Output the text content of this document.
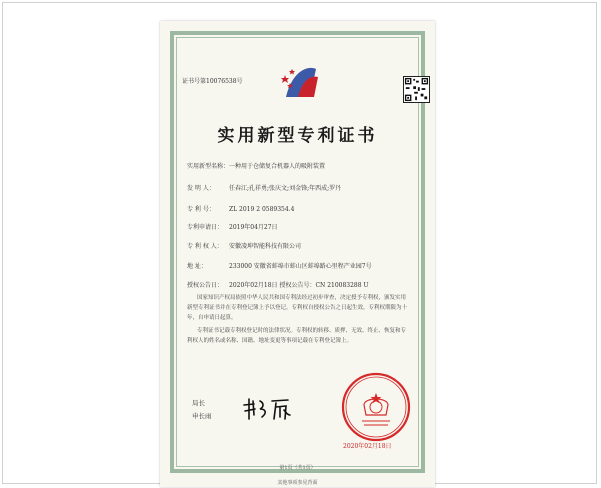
证书号第10076538号
实用新型专利证书
实用新型名称：一种用于仓储复合机器人的吸附装置
发 明 人： 任春江;孔祥勇;张庆文;刘金锋;年西成;罗丹
专 利 号： ZL 2019 2 0589354.4
专利申请日： 2019年04月27日
专 利 权 人： 安徽凌坤智能科技有限公司
地 址：	233000 安徽省蚌埠市蚌山区蚌埠路心里程产业园7号
授权公告日： 2020年02月18日 授权公告号：CN 210083288 U
国家知识产权局依照中华人民共和国专利法经过初步审查，决定授予专利权，颁发实用新型专利证书并在专利登记簿上予以登记。专利权自授权公告之日起生效。专利权期限为十年，自申请日起算。
专利证书记载专利权登记时的法律状况。专利权的转移、质押、无效、终止、恢复和专利权人的姓名或名称、国籍、地址变更等事项记载在专利登记簿上。
局长
申长雨
2020年02月18日
第1页（共1页）
其他事项参见背面
